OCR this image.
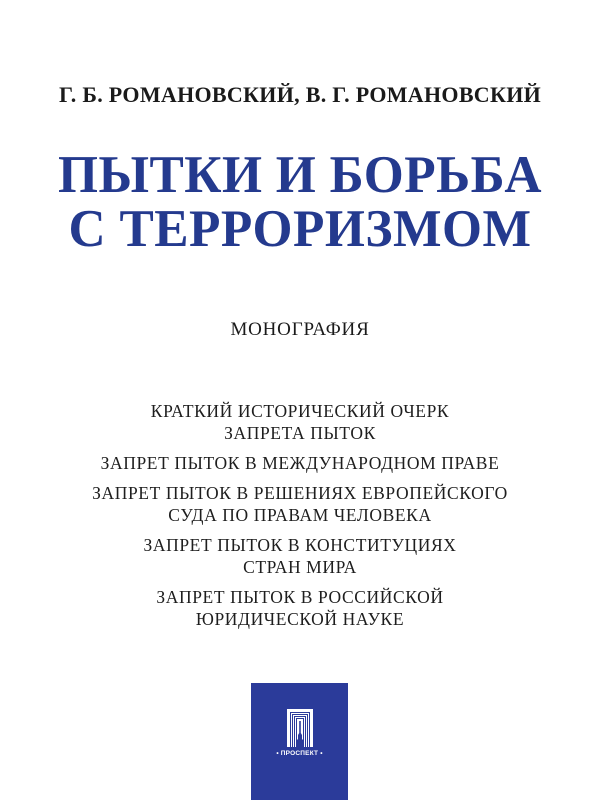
Г. Б. РОМАНОВСКИЙ, В. Г. РОМАНОВСКИЙ
ПЫТКИ И БОРЬБА
С ТЕРРОРИЗМОМ
МОНОГРАФИЯ
КРАТКИЙ ИСТОРИЧЕСКИЙ ОЧЕРК
ЗАПРЕТА ПЫТОК
ЗАПРЕТ ПЫТОК В МЕЖДУНАРОДНОМ ПРАВЕ
ЗАПРЕТ ПЫТОК В РЕШЕНИЯХ ЕВРОПЕЙСКОГО
СУДА ПО ПРАВАМ ЧЕЛОВЕКА
ЗАПРЕТ ПЫТОК В КОНСТИТУЦИЯХ
СТРАН МИРА
ЗАПРЕТ ПЫТОК В РОССИЙСКОЙ
ЮРИДИЧЕСКОЙ НАУКЕ
• ПРОСПЕКТ •
